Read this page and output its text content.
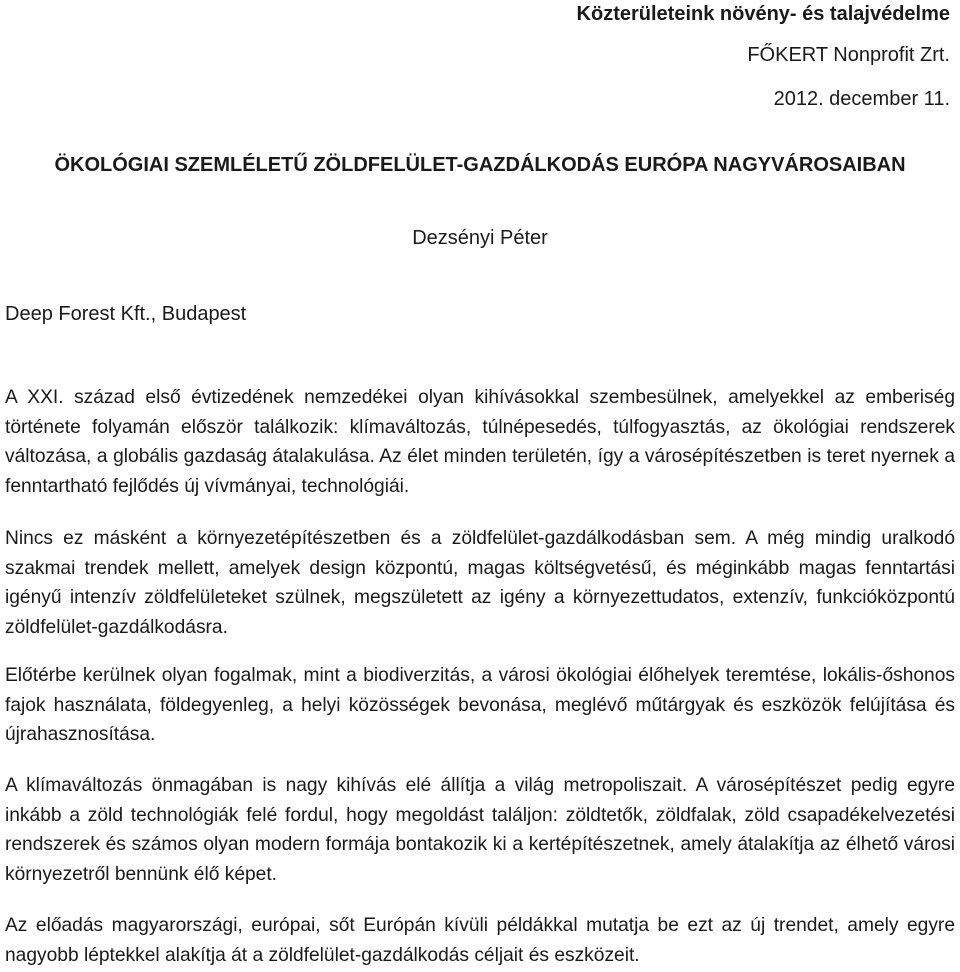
Közterületeink növény- és talajvédelme
FŐKERT Nonprofit Zrt.
2012. december 11.
ÖKOLÓGIAI SZEMLÉLETŰ ZÖLDFELÜLET-GAZDÁLKODÁS EURÓPA NAGYVÁROSAIBAN
Dezsényi Péter
Deep Forest Kft., Budapest

A XXI. század első évtizedének nemzedékei olyan kihívásokkal szembesülnek, amelyekkel az emberiség története folyamán először találkozik: klímaváltozás, túlnépesedés, túlfogyasztás, az ökológiai rendszerek változása, a globális gazdaság átalakulása. Az élet minden területén, így a városépítészetben is teret nyernek a fenntartható fejlődés új vívmányai, technológiái.

Nincs ez másként a környezetépítészetben és a zöldfelület-gazdálkodásban sem. A még mindig uralkodó szakmai trendek mellett, amelyek design központú, magas költségvetésű, és méginkább magas fenntartási igényű intenzív zöldfelületeket szülnek, megszületett az igény a környezettudatos, extenzív, funkcióközpontú zöldfelület-gazdálkodásra.

Előtérbe kerülnek olyan fogalmak, mint a biodiverzitás, a városi ökológiai élőhelyek teremtése, lokális-őshonos fajok használata, földegyenleg, a helyi közösségek bevonása, meglévő műtárgyak és eszközök felújítása és újrahasznosítása.

A klímaváltozás önmagában is nagy kihívás elé állítja a világ metropoliszait. A városépítészet pedig egyre inkább a zöld technológiák felé fordul, hogy megoldást találjon: zöldtetők, zöldfalak, zöld csapadékelvezetési rendszerek és számos olyan modern formája bontakozik ki a kertépítészetnek, amely átalakítja az élhető városi környezetről bennünk élő képet.

Az előadás magyarországi, európai, sőt Európán kívüli példákkal mutatja be ezt az új trendet, amely egyre nagyobb léptekkel alakítja át a zöldfelület-gazdálkodás céljait és eszközeit.
